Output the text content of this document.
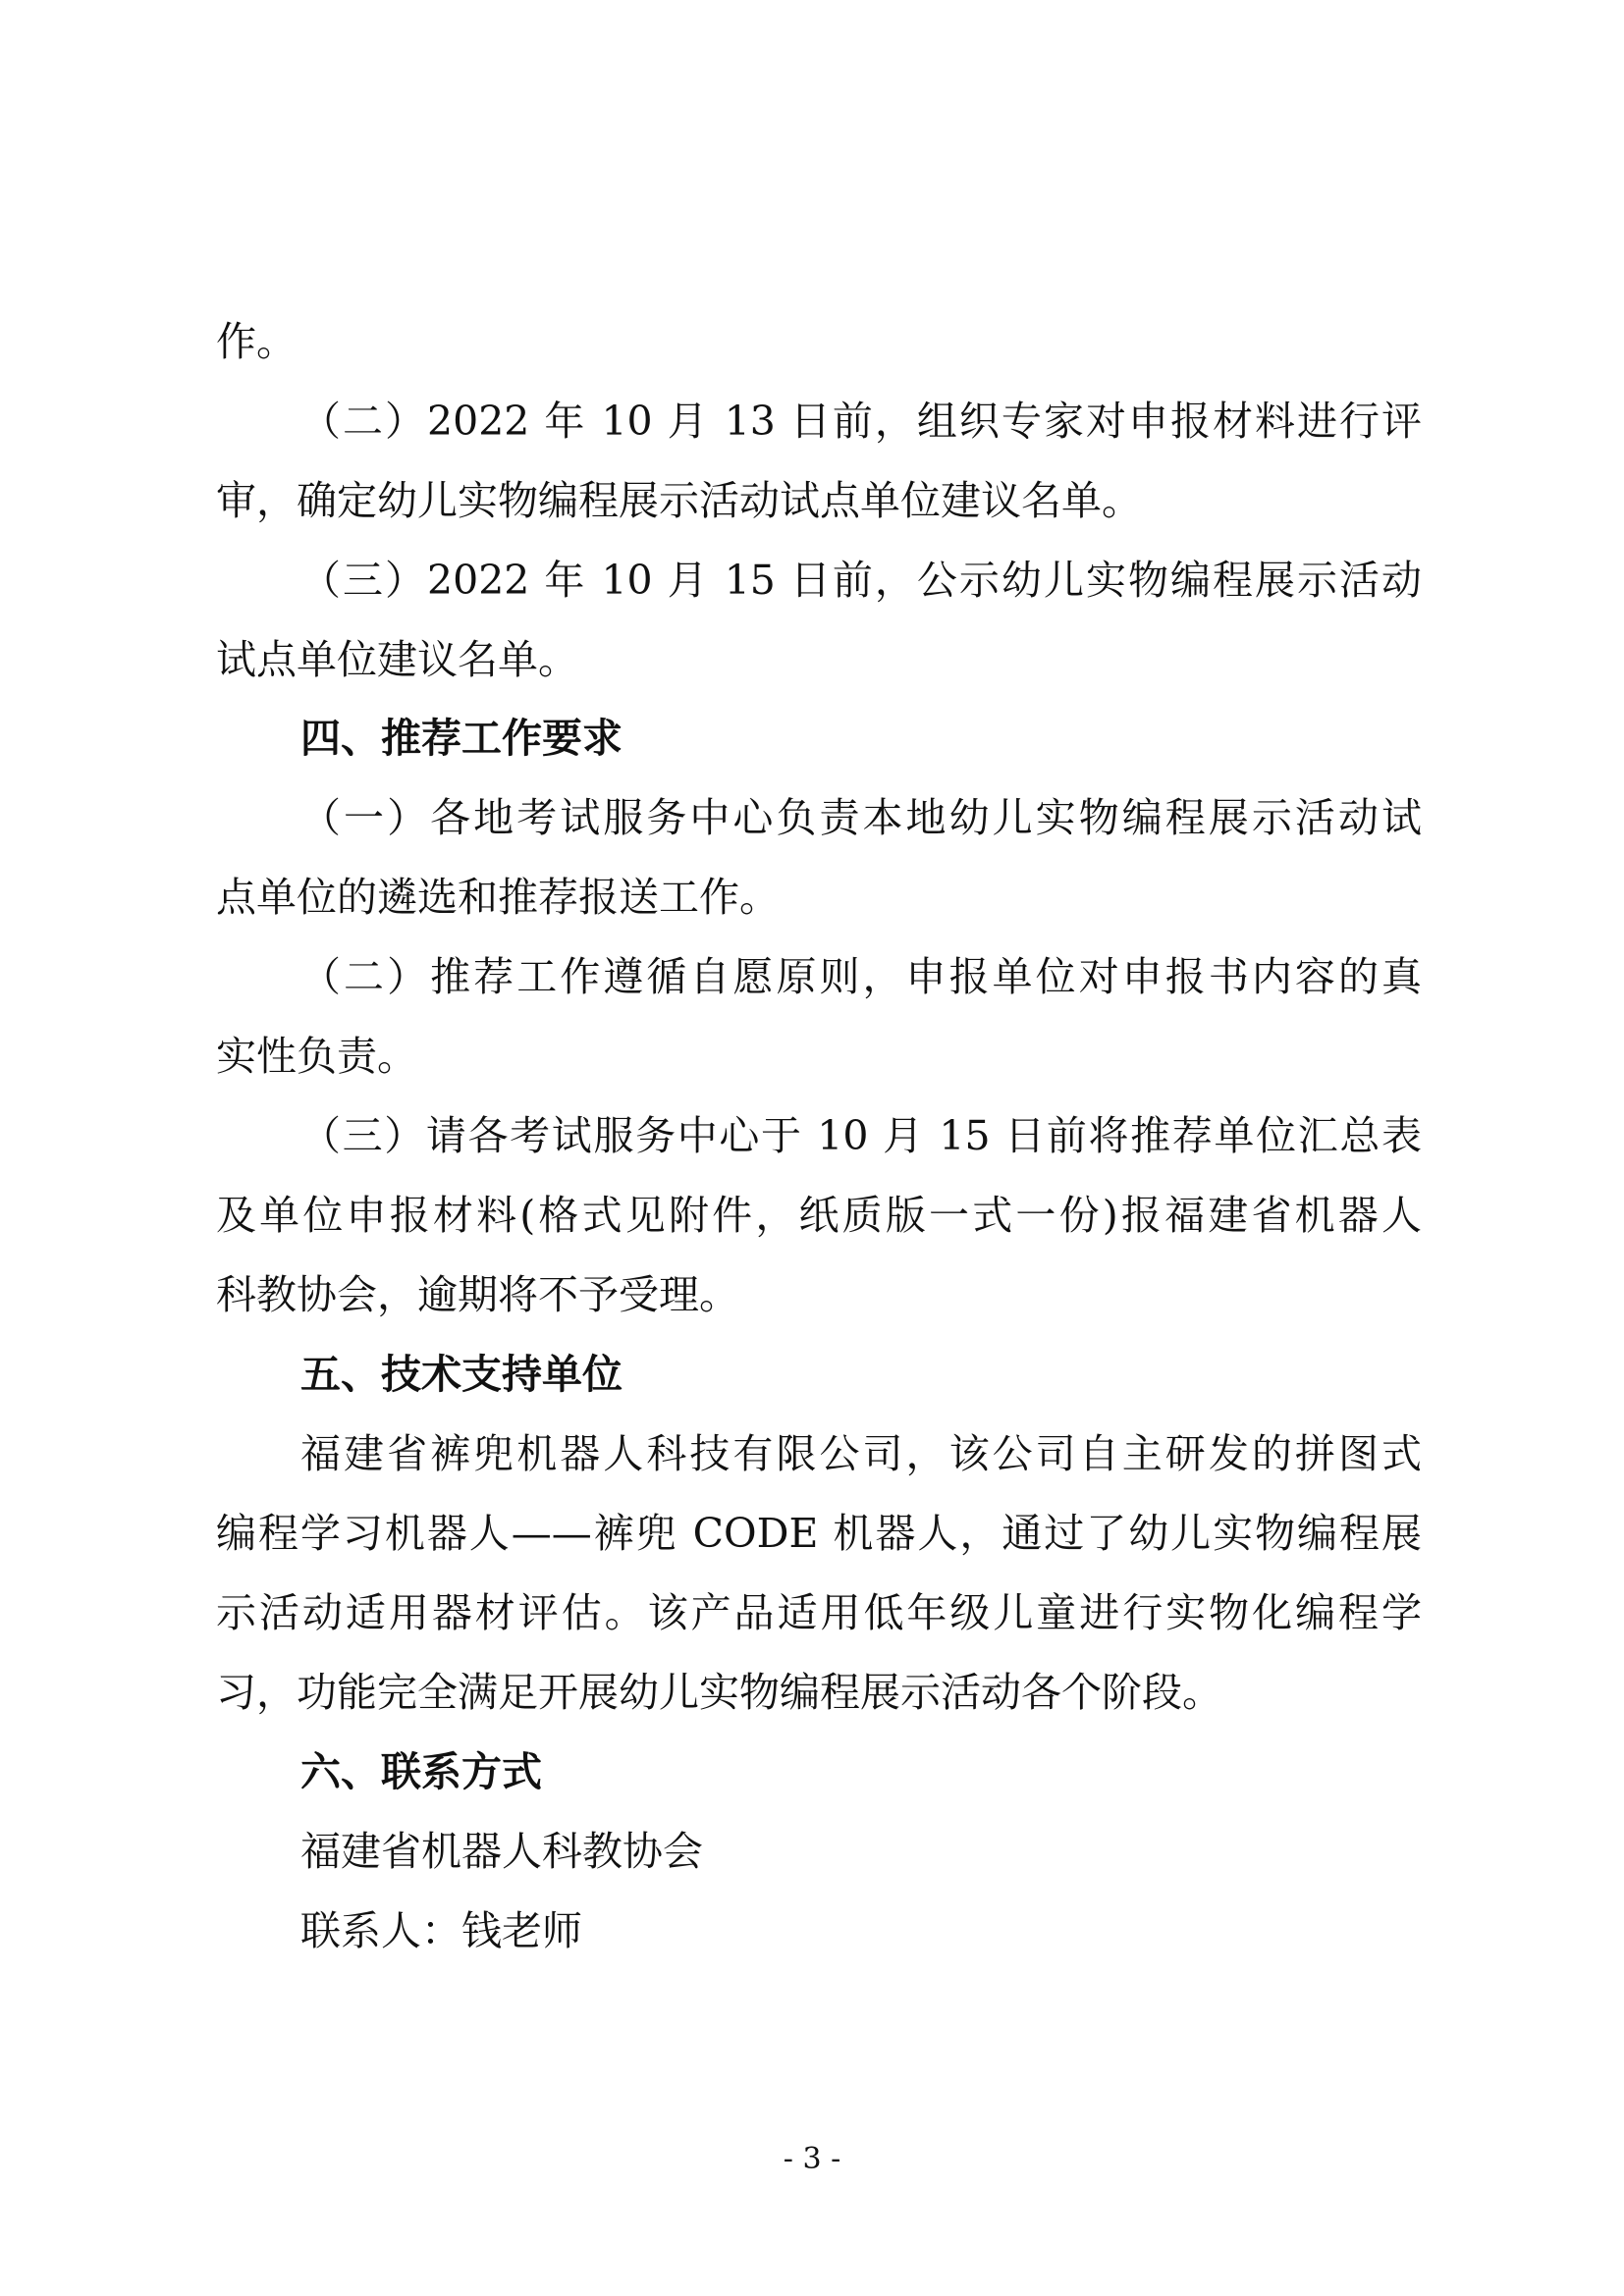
作。
（二）2022 年 10 月 13 日前，组织专家对申报材料进行评
审，确定幼儿实物编程展示活动试点单位建议名单。
（三）2022 年 10 月 15 日前，公示幼儿实物编程展示活动
试点单位建议名单。
四、推荐工作要求
（一）各地考试服务中心负责本地幼儿实物编程展示活动试
点单位的遴选和推荐报送工作。
（二）推荐工作遵循自愿原则，申报单位对申报书内容的真
实性负责。
（三）请各考试服务中心于 10 月 15 日前将推荐单位汇总表
及单位申报材料(格式见附件，纸质版一式一份)报福建省机器人
科教协会，逾期将不予受理。
五、技术支持单位
福建省裤兜机器人科技有限公司，该公司自主研发的拼图式
编程学习机器人——裤兜 CODE 机器人，通过了幼儿实物编程展
示活动适用器材评估。该产品适用低年级儿童进行实物化编程学
习，功能完全满足开展幼儿实物编程展示活动各个阶段。
六、联系方式
福建省机器人科教协会
联系人：钱老师
- 3 -
